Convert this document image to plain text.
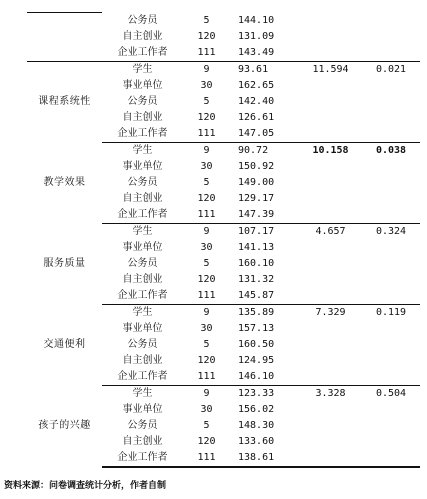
	公务员	5	144.10		
	自主创业	120	131.09		
	企业工作者	111	143.49		
课程系统性	学生	9	93.61	11.594	0.021
	事业单位	30	162.65		
	公务员	5	142.40		
	自主创业	120	126.61		
	企业工作者	111	147.05		
教学效果	学生	9	90.72	10.158	0.038
	事业单位	30	150.92		
	公务员	5	149.00		
	自主创业	120	129.17		
	企业工作者	111	147.39		
服务质量	学生	9	107.17	4.657	0.324
	事业单位	30	141.13		
	公务员	5	160.10		
	自主创业	120	131.32		
	企业工作者	111	145.87		
交通便利	学生	9	135.89	7.329	0.119
	事业单位	30	157.13		
	公务员	5	160.50		
	自主创业	120	124.95		
	企业工作者	111	146.10		
孩子的兴趣	学生	9	123.33	3.328	0.504
	事业单位	30	156.02		
	公务员	5	148.30		
	自主创业	120	133.60		
	企业工作者	111	138.61		
资料来源：问卷调查统计分析，作者自制
